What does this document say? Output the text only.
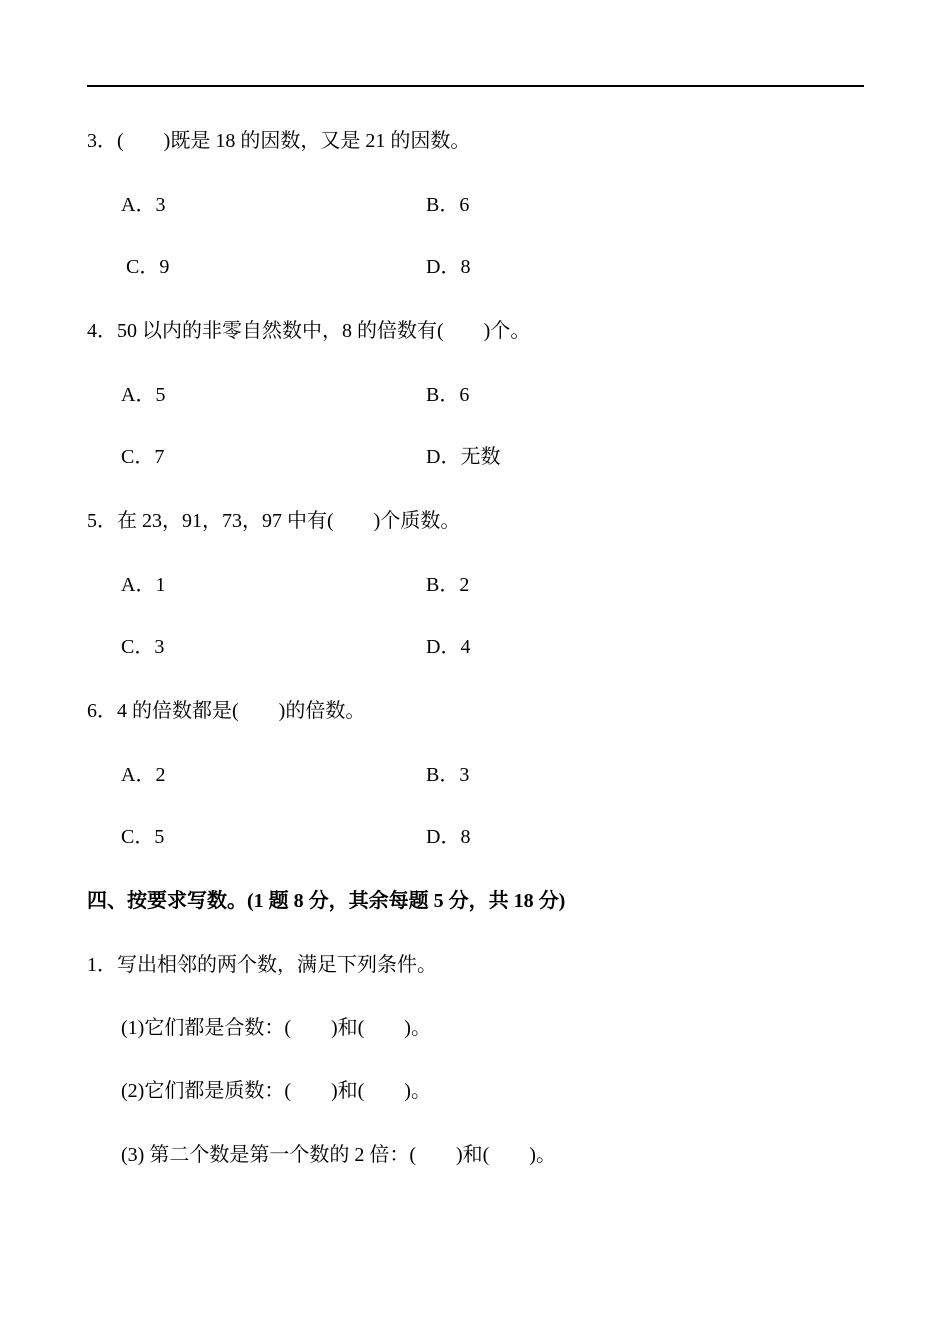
3．(　　)既是 18 的因数，又是 21 的因数。
A．3	B．6
C．9	D．8
4．50 以内的非零自然数中，8 的倍数有(　　)个。
A．5	B．6
C．7	D．无数
5．在 23，91，73，97 中有(　　)个质数。
A．1	B．2
C．3	D．4
6．4 的倍数都是(　　)的倍数。
A．2	B．3
C．5	D．8
四、按要求写数。(1 题 8 分，其余每题 5 分，共 18 分)
1．写出相邻的两个数，满足下列条件。
(1)它们都是合数：(　　)和(　　)。
(2)它们都是质数：(　　)和(　　)。
(3) 第二个数是第一个数的 2 倍：(　　)和(　　)。
